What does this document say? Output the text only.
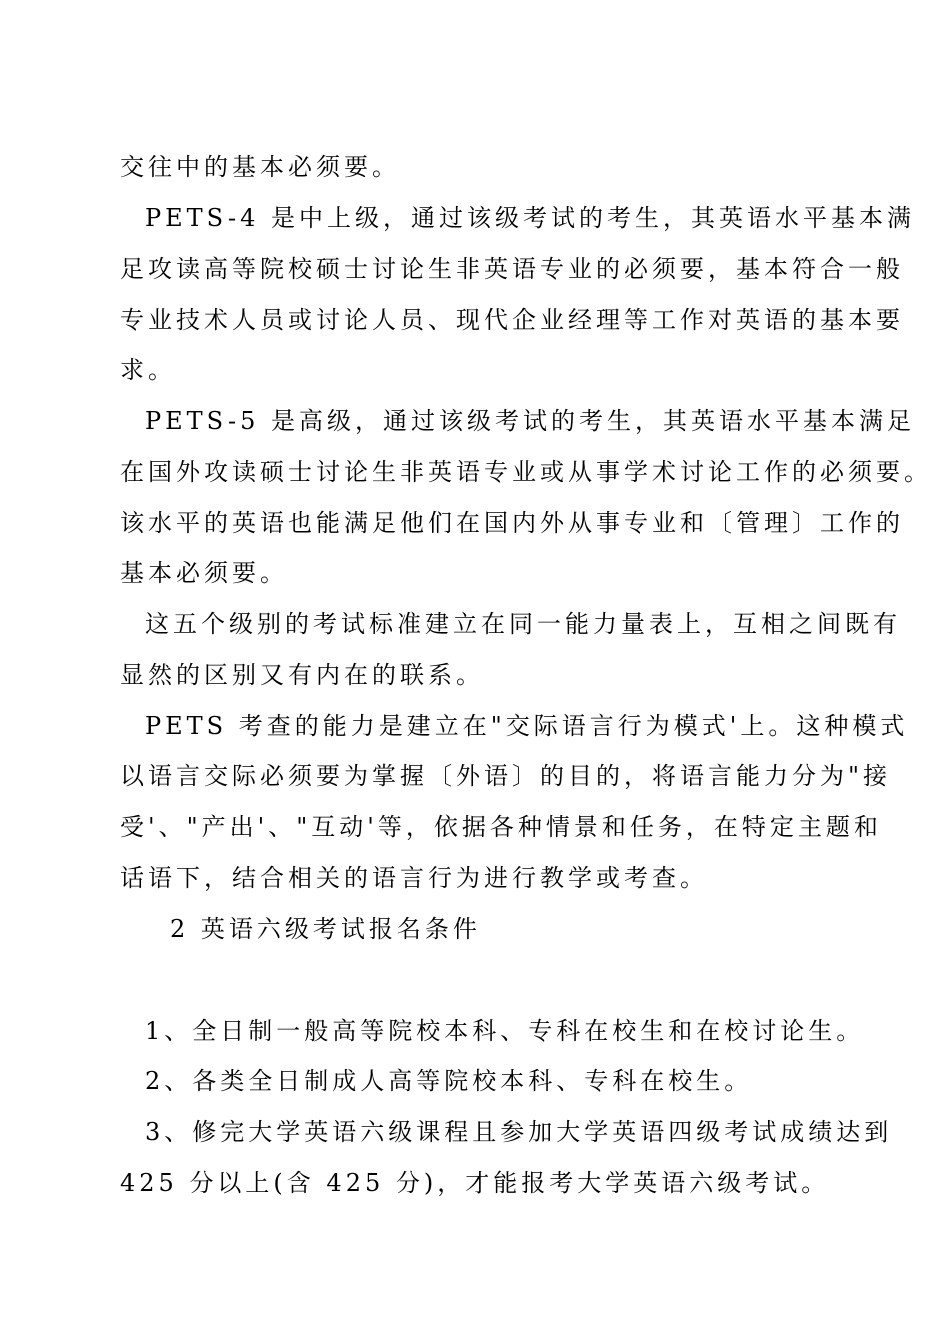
交往中的基本必须要。
PETS-4 是中上级，通过该级考试的考生，其英语水平基本满
足攻读高等院校硕士讨论生非英语专业的必须要，基本符合一般
专业技术人员或讨论人员、现代企业经理等工作对英语的基本要
求。
PETS-5 是高级，通过该级考试的考生，其英语水平基本满足
在国外攻读硕士讨论生非英语专业或从事学术讨论工作的必须要。
该水平的英语也能满足他们在国内外从事专业和〔管理〕工作的
基本必须要。
这五个级别的考试标准建立在同一能力量表上，互相之间既有
显然的区别又有内在的联系。
PETS 考查的能力是建立在"交际语言行为模式'上。这种模式
以语言交际必须要为掌握〔外语〕的目的，将语言能力分为"接
受'、"产出'、"互动'等，依据各种情景和任务，在特定主题和
话语下，结合相关的语言行为进行教学或考查。
2 英语六级考试报名条件
1、全日制一般高等院校本科、专科在校生和在校讨论生。
2、各类全日制成人高等院校本科、专科在校生。
3、修完大学英语六级课程且参加大学英语四级考试成绩达到
425 分以上(含 425 分)，才能报考大学英语六级考试。
